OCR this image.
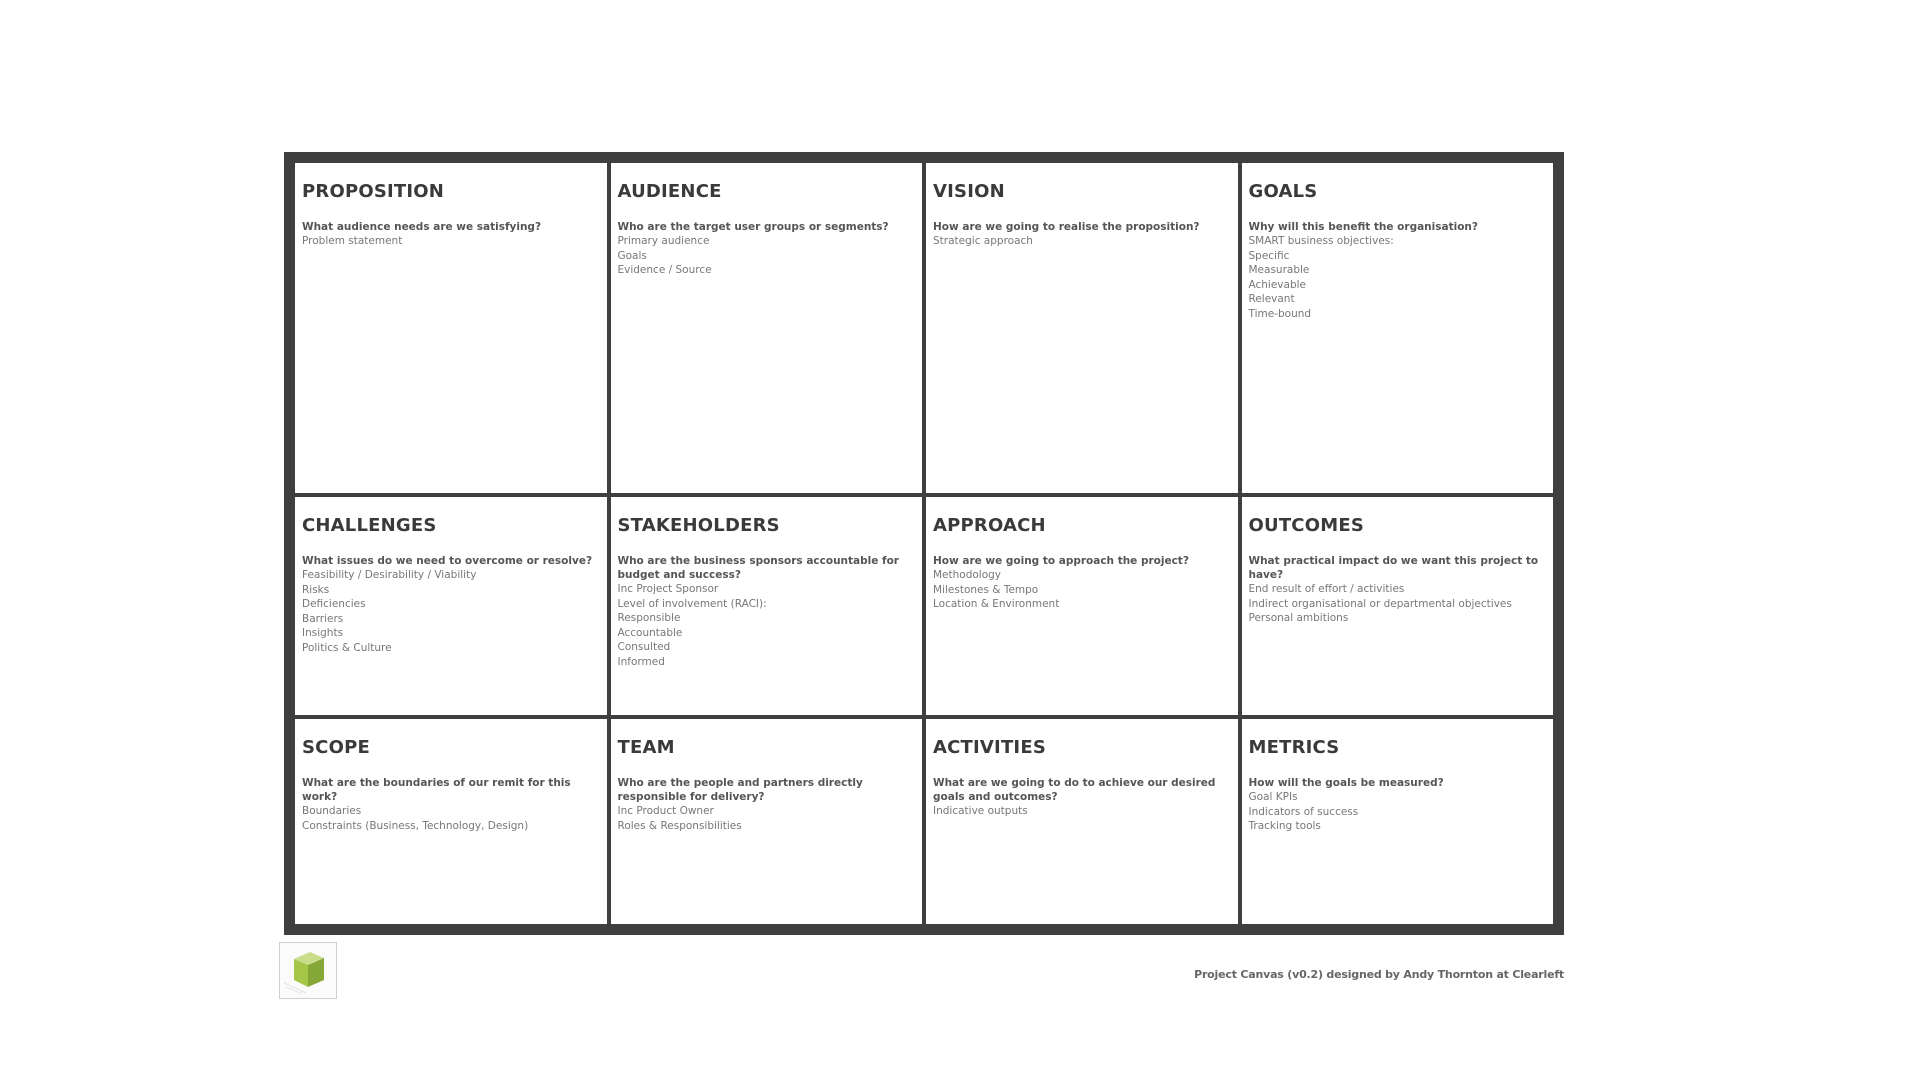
PROPOSITION

What audience needs are we satisfying?

Problem statement
AUDIENCE

Who are the target user groups or segments?

Primary audience
Goals
Evidence / Source
VISION

How are we going to realise the proposition?

Strategic approach
GOALS

Why will this benefit the organisation?

SMART business objectives:
Specific
Measurable
Achievable
Relevant
Time-bound
CHALLENGES

What issues do we need to overcome or resolve?

Feasibility / Desirability / Viability
Risks
Deficiencies
Barriers
Insights
Politics & Culture
STAKEHOLDERS

Who are the business sponsors accountable for budget and success?

Inc Project Sponsor
Level of involvement (RACI):
Responsible
Accountable
Consulted
Informed
APPROACH

How are we going to approach the project?

Methodology
Milestones & Tempo
Location & Environment
OUTCOMES

What practical impact do we want this project to have?

End result of effort / activities
Indirect organisational or departmental objectives
Personal ambitions
SCOPE

What are the boundaries of our remit for this work?

Boundaries
Constraints (Business, Technology, Design)
TEAM

Who are the people and partners directly responsible for delivery?

Inc Product Owner
Roles & Responsibilities
ACTIVITIES

What are we going to do to achieve our desired goals and outcomes?

Indicative outputs
METRICS

How will the goals be measured?

Goal KPIs
Indicators of success
Tracking tools
Project Canvas (v0.2) designed by Andy Thornton at Clearleft
